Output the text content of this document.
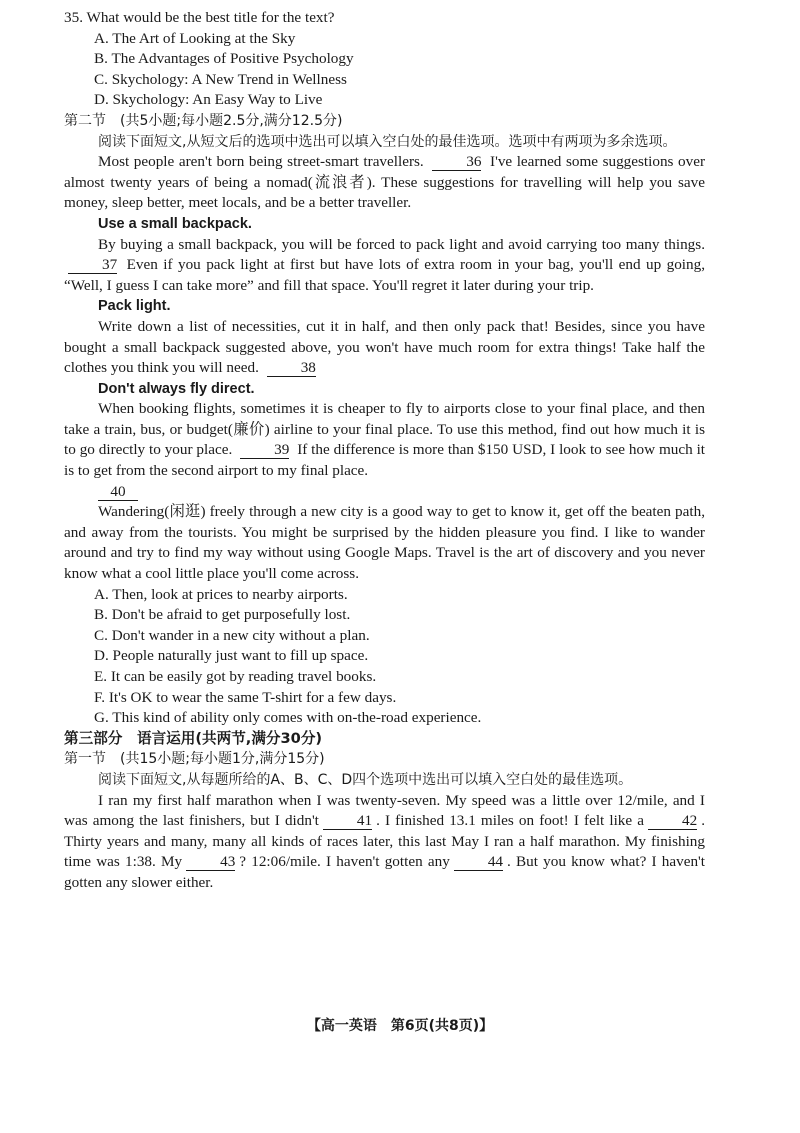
35. What would be the best title for the text?

A. The Art of Looking at the Sky

B. The Advantages of Positive Psychology

C. Skychology: A New Trend in Wellness

D. Skychology: An Easy Way to Live

第二节　(共5小题;每小题2.5分,满分12.5分)

阅读下面短文,从短文后的选项中选出可以填入空白处的最佳选项。选项中有两项为多余选项。

Most people aren't born being street-smart travellers.	36 I've learned some suggestions over almost twenty years of being a nomad(流浪者). These suggestions for travelling will help you save money, sleep better, meet locals, and be a better traveller.

Use a small backpack.

By buying a small backpack, you will be forced to pack light and avoid carrying too many things. 37 Even if you pack light at first but have lots of extra room in your bag, you'll end up going, “Well, I guess I can take more” and fill that space. You'll regret it later during your trip.

Pack light.

Write down a list of necessities, cut it in half, and then only pack that! Besides, since you have bought a small backpack suggested above, you won't have much room for extra things! Take half the clothes you think you will need.	38

Don't always fly direct.

When booking flights, sometimes it is cheaper to fly to airports close to your final place, and then take a train, bus, or budget(廉价) airline to your final place. To use this method, find out how much it is to go directly to your place.	39 If the difference is more than $150 USD, I look to see how much it is to get from the second airport to my final place.

40

Wandering(闲逛) freely through a new city is a good way to get to know it, get off the beaten path, and away from the tourists. You might be surprised by the hidden pleasure you find. I like to wander around and try to find my way without using Google Maps. Travel is the art of discovery and you never know what a cool little place you'll come across.

A. Then, look at prices to nearby airports.

B. Don't be afraid to get purposefully lost.

C. Don't wander in a new city without a plan.

D. People naturally just want to fill up space.

E. It can be easily got by reading travel books.

F. It's OK to wear the same T-shirt for a few days.

G. This kind of ability only comes with on-the-road experience.

第三部分　语言运用(共两节,满分30分)

第一节　(共15小题;每小题1分,满分15分)

阅读下面短文,从每题所给的A、B、C、D四个选项中选出可以填入空白处的最佳选项。

I ran my first half marathon when I was twenty-seven. My speed was a little over 12/mile, and I was among the last finishers, but I didn't	41 . I finished 13.1 miles on foot! I felt like a	42 . Thirty years and many, many all kinds of races later, this last May I ran a half marathon. My finishing time was 1:38. My	43 ? 12:06/mile. I haven't gotten any	44 . But you know what? I haven't gotten any slower either.

【高一英语　第6页(共8页)】
